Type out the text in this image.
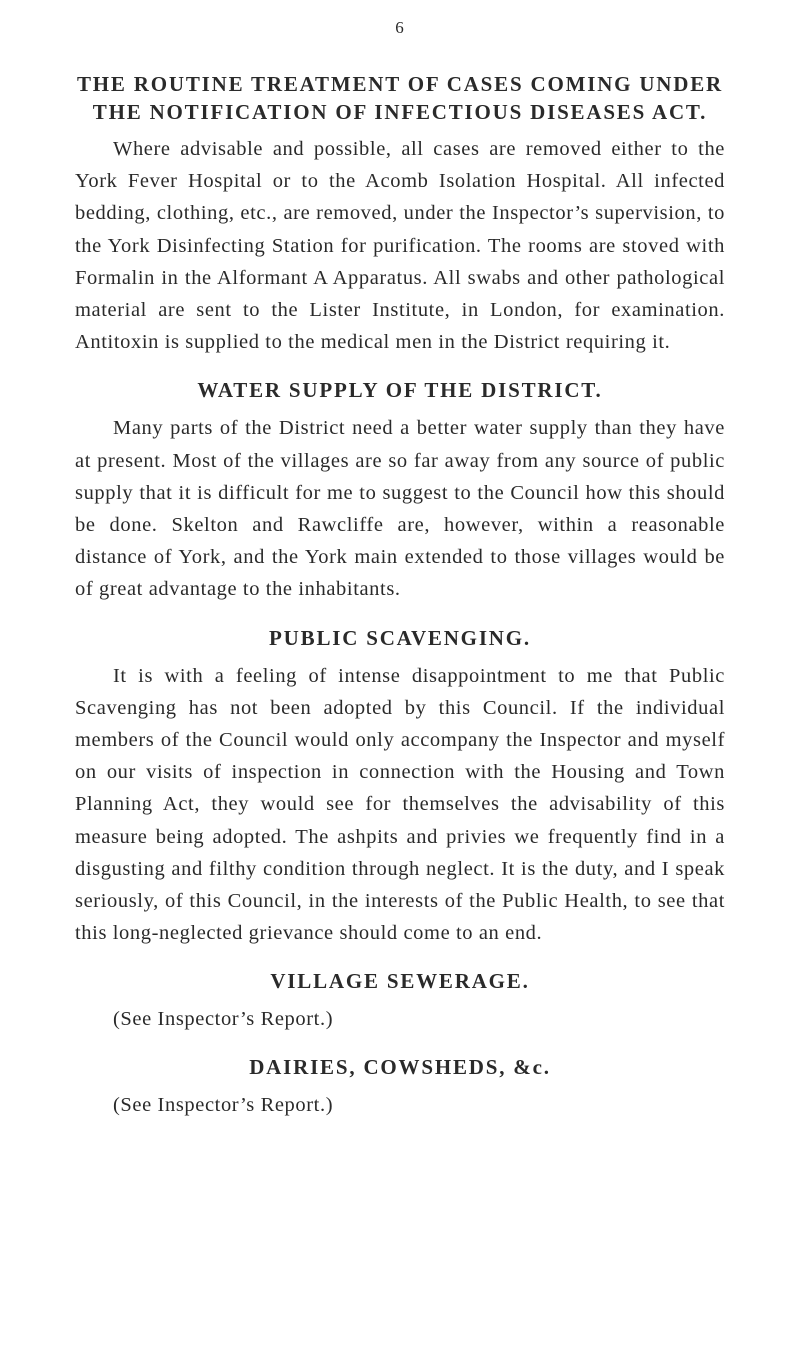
6
THE ROUTINE TREATMENT OF CASES COMING UNDER
THE NOTIFICATION OF INFECTIOUS DISEASES ACT.

Where advisable and possible, all cases are removed either to the York Fever Hospital or to the Acomb Isolation Hospital. All infected bedding, clothing, etc., are removed, under the Inspector’s supervision, to the York Disinfecting Station for purification. The rooms are stoved with Formalin in the Alformant A Apparatus. All swabs and other pathological material are sent to the Lister Institute, in London, for examination. Antitoxin is supplied to the medical men in the District requiring it.

WATER SUPPLY OF THE DISTRICT.

Many parts of the District need a better water supply than they have at present. Most of the villages are so far away from any source of public supply that it is difficult for me to suggest to the Council how this should be done. Skelton and Rawcliffe are, however, within a reasonable distance of York, and the York main extended to those villages would be of great advantage to the inhabitants.

PUBLIC SCAVENGING.

It is with a feeling of intense disappointment to me that Public Scavenging has not been adopted by this Council. If the individual members of the Council would only accompany the Inspector and myself on our visits of inspection in connection with the Housing and Town Planning Act, they would see for themselves the advisability of this measure being adopted. The ashpits and privies we frequently find in a disgusting and filthy condition through neglect. It is the duty, and I speak seriously, of this Council, in the interests of the Public Health, to see that this long-neglected grievance should come to an end.

VILLAGE SEWERAGE.

(See Inspector’s Report.)

DAIRIES, COWSHEDS, &c.

(See Inspector’s Report.)
